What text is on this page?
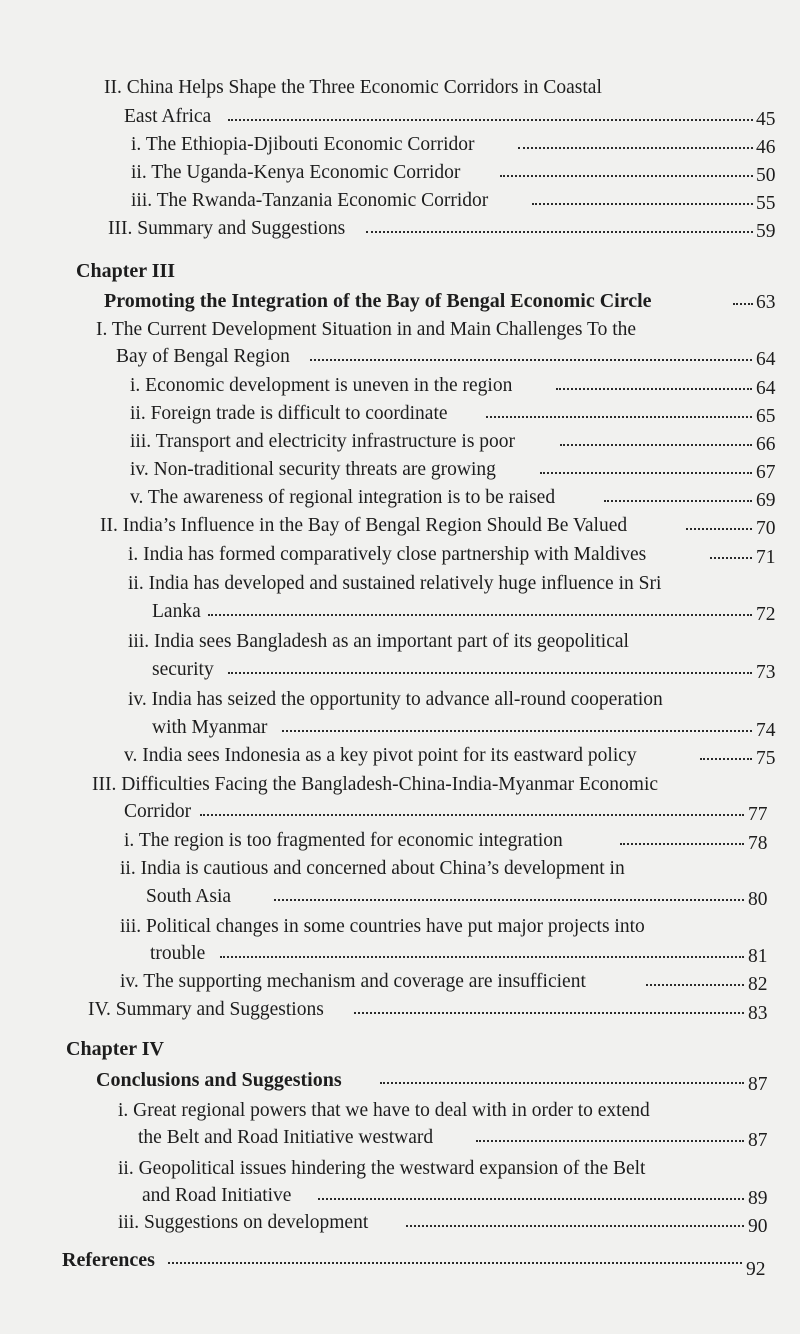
II. China Helps Shape the Three Economic Corridors in Coastal
East Africa	45
i. The Ethiopia-Djibouti Economic Corridor	46
ii. The Uganda-Kenya Economic Corridor	50
iii. The Rwanda-Tanzania Economic Corridor	55
III. Summary and Suggestions	59
Chapter III
Promoting the Integration of the Bay of Bengal Economic Circle	63
I. The Current Development Situation in and Main Challenges To the
Bay of Bengal Region	64
i. Economic development is uneven in the region	64
ii. Foreign trade is difficult to coordinate	65
iii. Transport and electricity infrastructure is poor	66
iv. Non-traditional security threats are growing	67
v. The awareness of regional integration is to be raised	69
II. India’s Influence in the Bay of Bengal Region Should Be Valued	70
i. India has formed comparatively close partnership with Maldives	71
ii. India has developed and sustained relatively huge influence in Sri
Lanka	72
iii. India sees Bangladesh as an important part of its geopolitical
security	73
iv. India has seized the opportunity to advance all-round cooperation
with Myanmar	74
v. India sees Indonesia as a key pivot point for its eastward policy	75
III. Difficulties Facing the Bangladesh-China-India-Myanmar Economic
Corridor	77
i. The region is too fragmented for economic integration	78
ii. India is cautious and concerned about China’s development in
South Asia	80
iii. Political changes in some countries have put major projects into
trouble	81
iv. The supporting mechanism and coverage are insufficient	82
IV. Summary and Suggestions	83
Chapter IV
Conclusions and Suggestions	87
i. Great regional powers that we have to deal with in order to extend
the Belt and Road Initiative westward	87
ii. Geopolitical issues hindering the westward expansion of the Belt
and Road Initiative	89
iii. Suggestions on development	90
References	92
